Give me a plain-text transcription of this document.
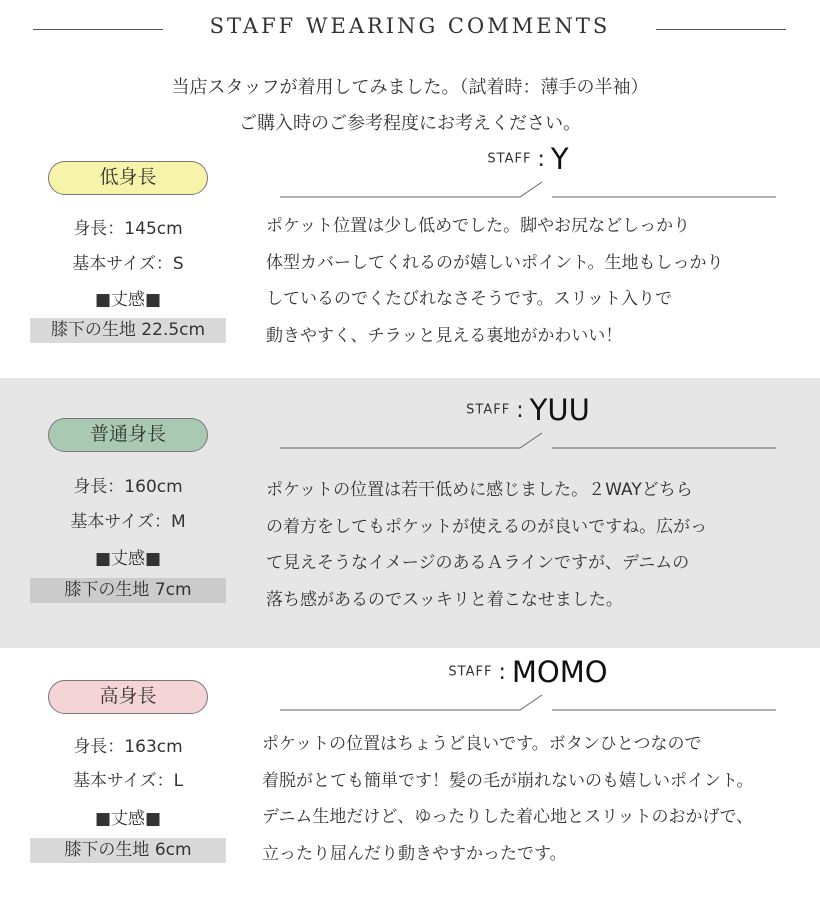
STAFF WEARING COMMENTS
当店スタッフが着用してみました。（試着時：薄手の半袖）
ご購入時のご参考程度にお考えください。
低身長
身長：145cm
基本サイズ：S
■丈感■
膝下の生地 22.5cm
STAFF : Y
ポケット位置は少し低めでした。脚やお尻などしっかり
体型カバーしてくれるのが嬉しいポイント。生地もしっかり
しているのでくたびれなさそうです。スリット入りで
動きやすく、チラッと見える裏地がかわいい！
普通身長
身長：160cm
基本サイズ：M
■丈感■
膝下の生地 7cm
STAFF : YUU
ポケットの位置は若干低めに感じました。２WAYどちら
の着方をしてもポケットが使えるのが良いですね。広がっ
て見えそうなイメージのあるＡラインですが、デニムの
落ち感があるのでスッキリと着こなせました。
高身長
身長：163cm
基本サイズ：L
■丈感■
膝下の生地 6cm
STAFF : MOMO
ポケットの位置はちょうど良いです。ボタンひとつなので
着脱がとても簡単です！髪の毛が崩れないのも嬉しいポイント。
デニム生地だけど、ゆったりした着心地とスリットのおかげで、
立ったり屈んだり動きやすかったです。
